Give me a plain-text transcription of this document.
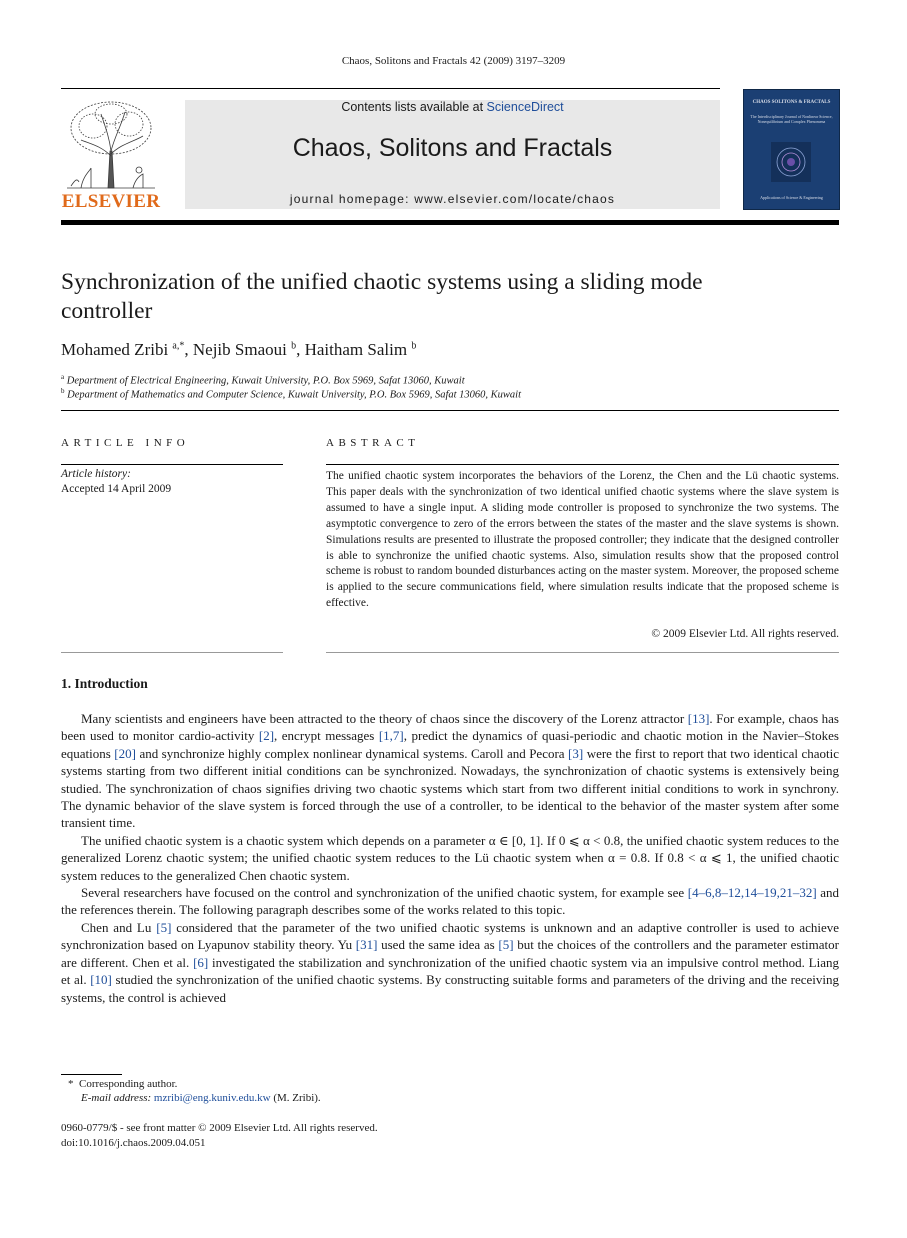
Chaos, Solitons and Fractals 42 (2009) 3197–3209
ELSEVIER
Contents lists available at ScienceDirect
Chaos, Solitons and Fractals
journal homepage: www.elsevier.com/locate/chaos
CHAOS SOLITONS & FRACTALS
The Interdisciplinary Journal of Nonlinear Science, Nonequilibrium and Complex Phenomena
Applications of Science & Engineering
Synchronization of the unified chaotic systems using a sliding mode controller
Mohamed Zribi $^{a,*}$, Nejib Smaoui $^b$, Haitham Salim $^b$
$^a$ Department of Electrical Engineering, Kuwait University, P.O. Box 5969, Safat 13060, Kuwait
$^b$ Department of Mathematics and Computer Science, Kuwait University, P.O. Box 5969, Safat 13060, Kuwait
ARTICLE INFO
Article history:
Accepted 14 April 2009
ABSTRACT
The unified chaotic system incorporates the behaviors of the Lorenz, the Chen and the Lü chaotic systems. This paper deals with the synchronization of two identical unified chaotic systems where the slave system is assumed to have a single input. A sliding mode controller is proposed to synchronize the two systems. The asymptotic convergence to zero of the errors between the states of the master and the slave systems is shown. Simulations results are presented to illustrate the proposed controller; they indicate that the designed controller is able to synchronize the unified chaotic systems. Also, simulation results show that the proposed control scheme is robust to random bounded disturbances acting on the master system. Moreover, the proposed scheme is applied to the secure communications field, where simulation results indicate that the proposed scheme is effective.
© 2009 Elsevier Ltd. All rights reserved.
1. Introduction

Many scientists and engineers have been attracted to the theory of chaos since the discovery of the Lorenz attractor [13]. For example, chaos has been used to monitor cardio-activity [2], encrypt messages [1,7], predict the dynamics of quasi-periodic and chaotic motion in the Navier–Stokes equations [20] and synchronize highly complex nonlinear dynamical systems. Caroll and Pecora [3] were the first to report that two identical chaotic systems starting from two different initial conditions can be synchronized. Nowadays, the synchronization of chaotic systems is extensively being studied. The synchronization of chaos signifies driving two chaotic systems which start from two different initial conditions to work in synchrony. The dynamic behavior of the slave system is forced through the use of a controller, to be identical to the behavior of the master system after some transient time.

The unified chaotic system is a chaotic system which depends on a parameter α ∈ [0, 1]. If 0 ⩽ α < 0.8, the unified chaotic system reduces to the generalized Lorenz chaotic system; the unified chaotic system reduces to the Lü chaotic system when α = 0.8. If 0.8 < α ⩽ 1, the unified chaotic system reduces to the generalized Chen chaotic system.

Several researchers have focused on the control and synchronization of the unified chaotic system, for example see [4–6,8–12,14–19,21–32] and the references therein. The following paragraph describes some of the works related to this topic.

Chen and Lu [5] considered that the parameter of the two unified chaotic systems is unknown and an adaptive controller is used to achieve synchronization based on Lyapunov stability theory. Yu [31] used the same idea as [5] but the choices of the controllers and the parameter estimator are different. Chen et al. [6] investigated the stabilization and synchronization of the unified chaotic system via an impulsive control method. Liang et al. [10] studied the synchronization of the unified chaotic systems. By constructing suitable forms and parameters of the driving and the receiving systems, the control is achieved

*  Corresponding author.
E-mail address: mzribi@eng.kuniv.edu.kw (M. Zribi).
0960-0779/$ - see front matter © 2009 Elsevier Ltd. All rights reserved.
doi:10.1016/j.chaos.2009.04.051
